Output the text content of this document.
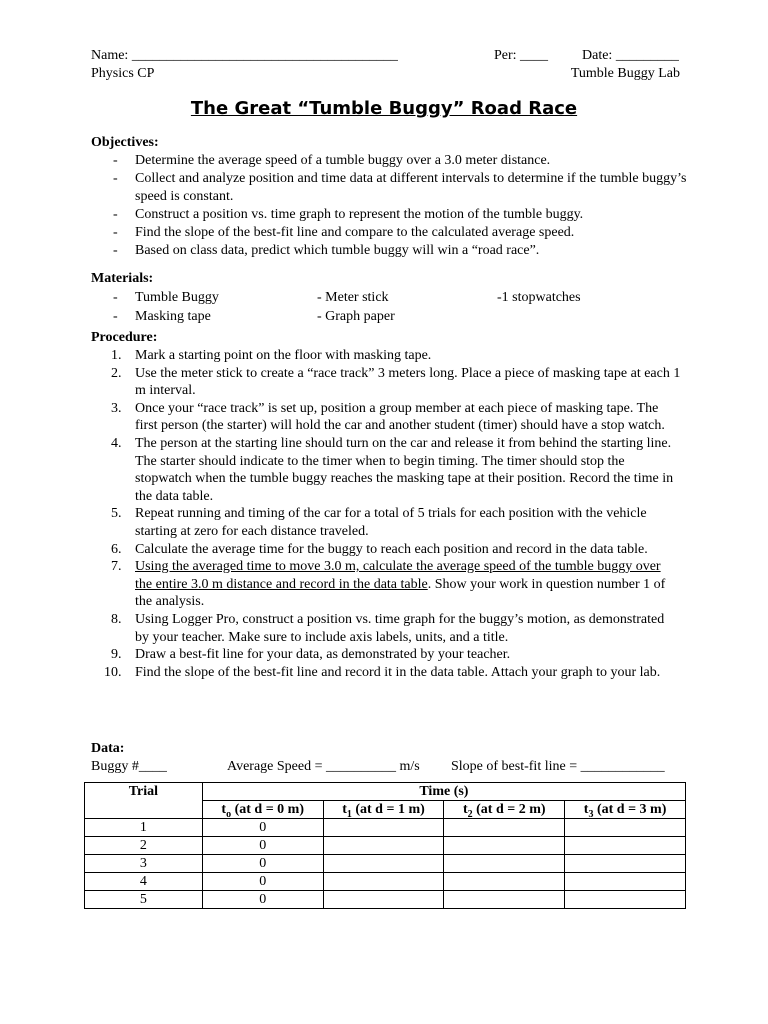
Name: ______________________________________	Per: ____ Date: _________
Physics CP	Tumble Buggy Lab
The Great “Tumble Buggy” Road Race
Objectives:
- Determine the average speed of a tumble buggy over a 3.0 meter distance.
- Collect and analyze position and time data at different intervals to determine if the tumble buggy’s speed is constant.
- Construct a position vs. time graph to represent the motion of the tumble buggy.
- Find the slope of the best-fit line and compare to the calculated average speed.
- Based on class data, predict which tumble buggy will win a “road race”.
Materials:
- Tumble Buggy
- Masking tape
- Meter stick
- Graph paper
-1 stopwatches
Procedure:
1. Mark a starting point on the floor with masking tape.
2. Use the meter stick to create a “race track” 3 meters long. Place a piece of masking tape at each 1 m interval.
3. Once your “race track” is set up, position a group member at each piece of masking tape. The first person (the starter) will hold the car and another student (timer) should have a stop watch.
4. The person at the starting line should turn on the car and release it from behind the starting line. The starter should indicate to the timer when to begin timing. The timer should stop the stopwatch when the tumble buggy reaches the masking tape at their position. Record the time in the data table.
5. Repeat running and timing of the car for a total of 5 trials for each position with the vehicle starting at zero for each distance traveled.
6. Calculate the average time for the buggy to reach each position and record in the data table.
7. Using the averaged time to move 3.0 m, calculate the average speed of the tumble buggy over the entire 3.0 m distance and record in the data table. Show your work in question number 1 of the analysis.
8. Using Logger Pro, construct a position vs. time graph for the buggy’s motion, as demonstrated by your teacher. Make sure to include axis labels, units, and a title.
9. Draw a best-fit line for your data, as demonstrated by your teacher.
10. Find the slope of the best-fit line and record it in the data table. Attach your graph to your lab.
Data:
Buggy #____	Average Speed = __________ m/s Slope of best-fit line = ____________
Trial	Time (s)			
	$t_o$ (at d = 0 m)	$t_1$ (at d = 1 m)	$t_2$ (at d = 2 m)	$t_3$ (at d = 3 m)
1	0			
2	0			
3	0			
4	0			
5	0			
